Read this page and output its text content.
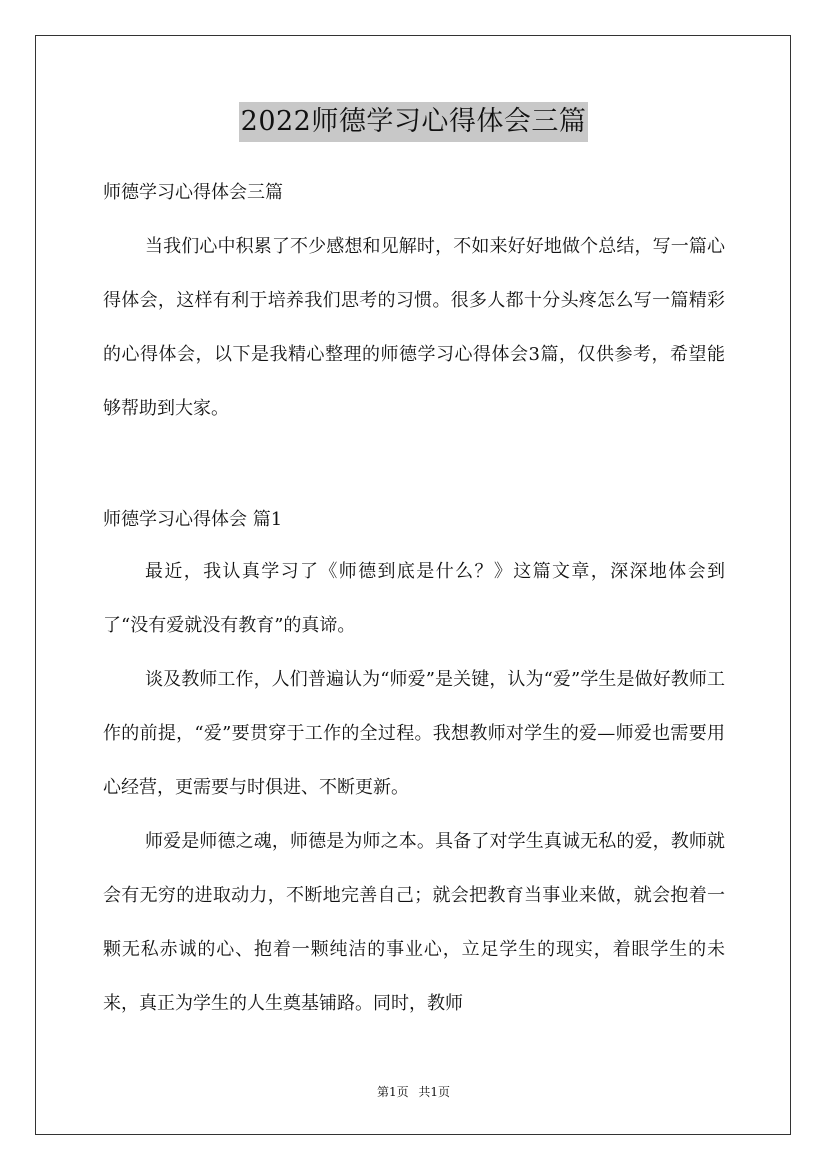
2022师德学习心得体会三篇
师德学习心得体会三篇

当我们心中积累了不少感想和见解时，不如来好好地做个总结，写一篇心得体会，这样有利于培养我们思考的习惯。很多人都十分头疼怎么写一篇精彩的心得体会，以下是我精心整理的师德学习心得体会3篇，仅供参考，希望能够帮助到大家。

师德学习心得体会 篇1

最近，我认真学习了《师德到底是什么？》这篇文章，深深地体会到了“没有爱就没有教育”的真谛。

谈及教师工作，人们普遍认为“师爱”是关键，认为“爱”学生是做好教师工作的前提，“爱”要贯穿于工作的全过程。我想教师对学生的爱—师爱也需要用心经营，更需要与时俱进、不断更新。

师爱是师德之魂，师德是为师之本。具备了对学生真诚无私的爱，教师就会有无穷的进取动力，不断地完善自己；就会把教育当事业来做，就会抱着一颗无私赤诚的心、抱着一颗纯洁的事业心，立足学生的现实，着眼学生的未来，真正为学生的人生奠基铺路。同时，教师

第1页 共1页
